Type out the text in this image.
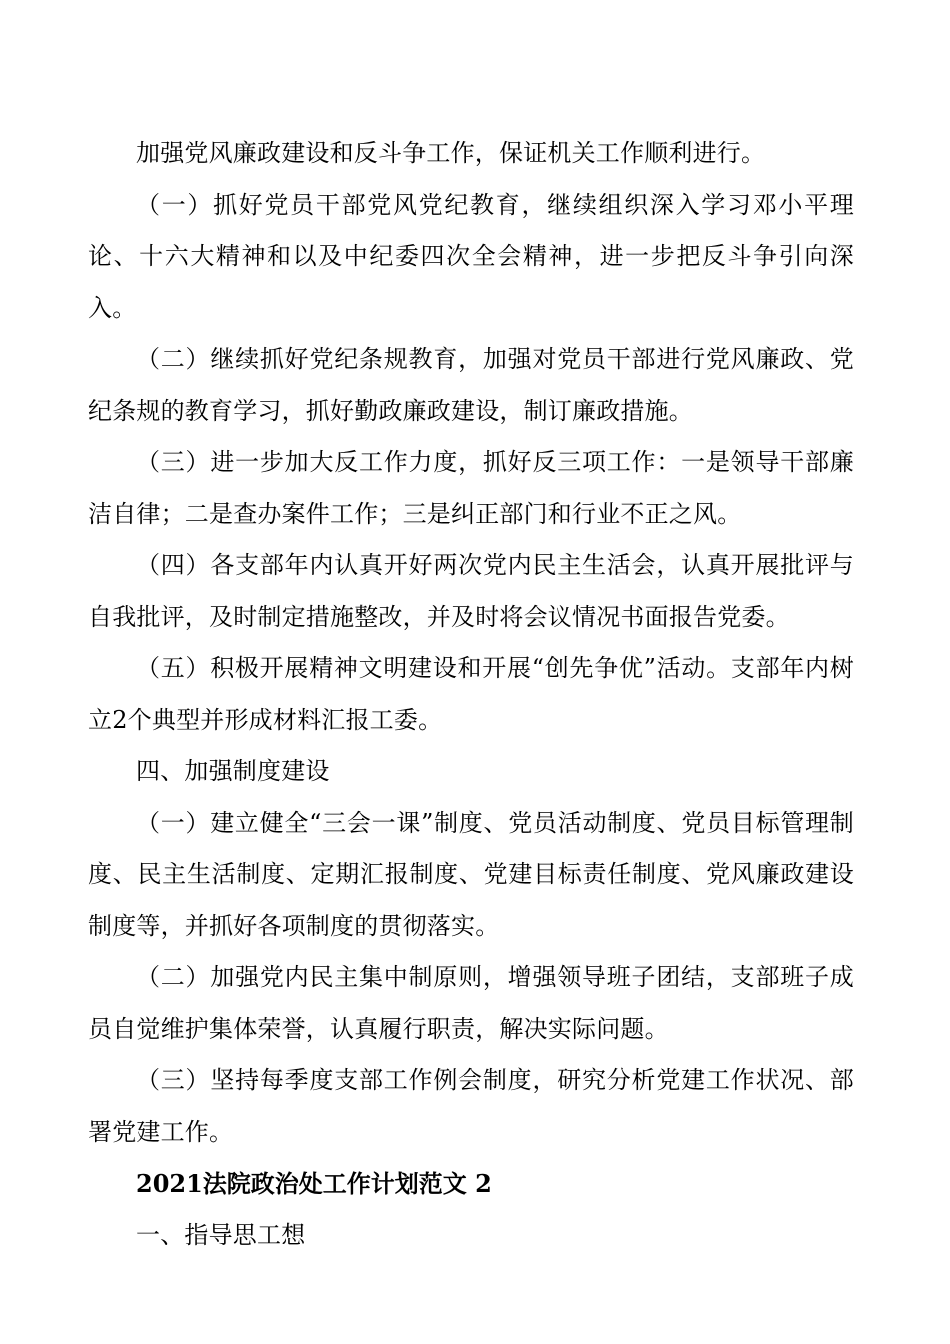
加强党风廉政建设和反斗争工作，保证机关工作顺利进行。

（一）抓好党员干部党风党纪教育，继续组织深入学习邓小平理论、十六大精神和以及中纪委四次全会精神，进一步把反斗争引向深入。

（二）继续抓好党纪条规教育，加强对党员干部进行党风廉政、党纪条规的教育学习，抓好勤政廉政建设，制订廉政措施。

（三）进一步加大反工作力度，抓好反三项工作：一是领导干部廉洁自律；二是查办案件工作；三是纠正部门和行业不正之风。

（四）各支部年内认真开好两次党内民主生活会，认真开展批评与自我批评，及时制定措施整改，并及时将会议情况书面报告党委。

（五）积极开展精神文明建设和开展“创先争优”活动。支部年内树立2个典型并形成材料汇报工委。

四、加强制度建设

（一）建立健全“三会一课”制度、党员活动制度、党员目标管理制度、民主生活制度、定期汇报制度、党建目标责任制度、党风廉政建设制度等，并抓好各项制度的贯彻落实。

（二）加强党内民主集中制原则，增强领导班子团结，支部班子成员自觉维护集体荣誉，认真履行职责，解决实际问题。

（三）坚持每季度支部工作例会制度，研究分析党建工作状况、部署党建工作。

2021法院政治处工作计划范文 2

一、指导思工想
